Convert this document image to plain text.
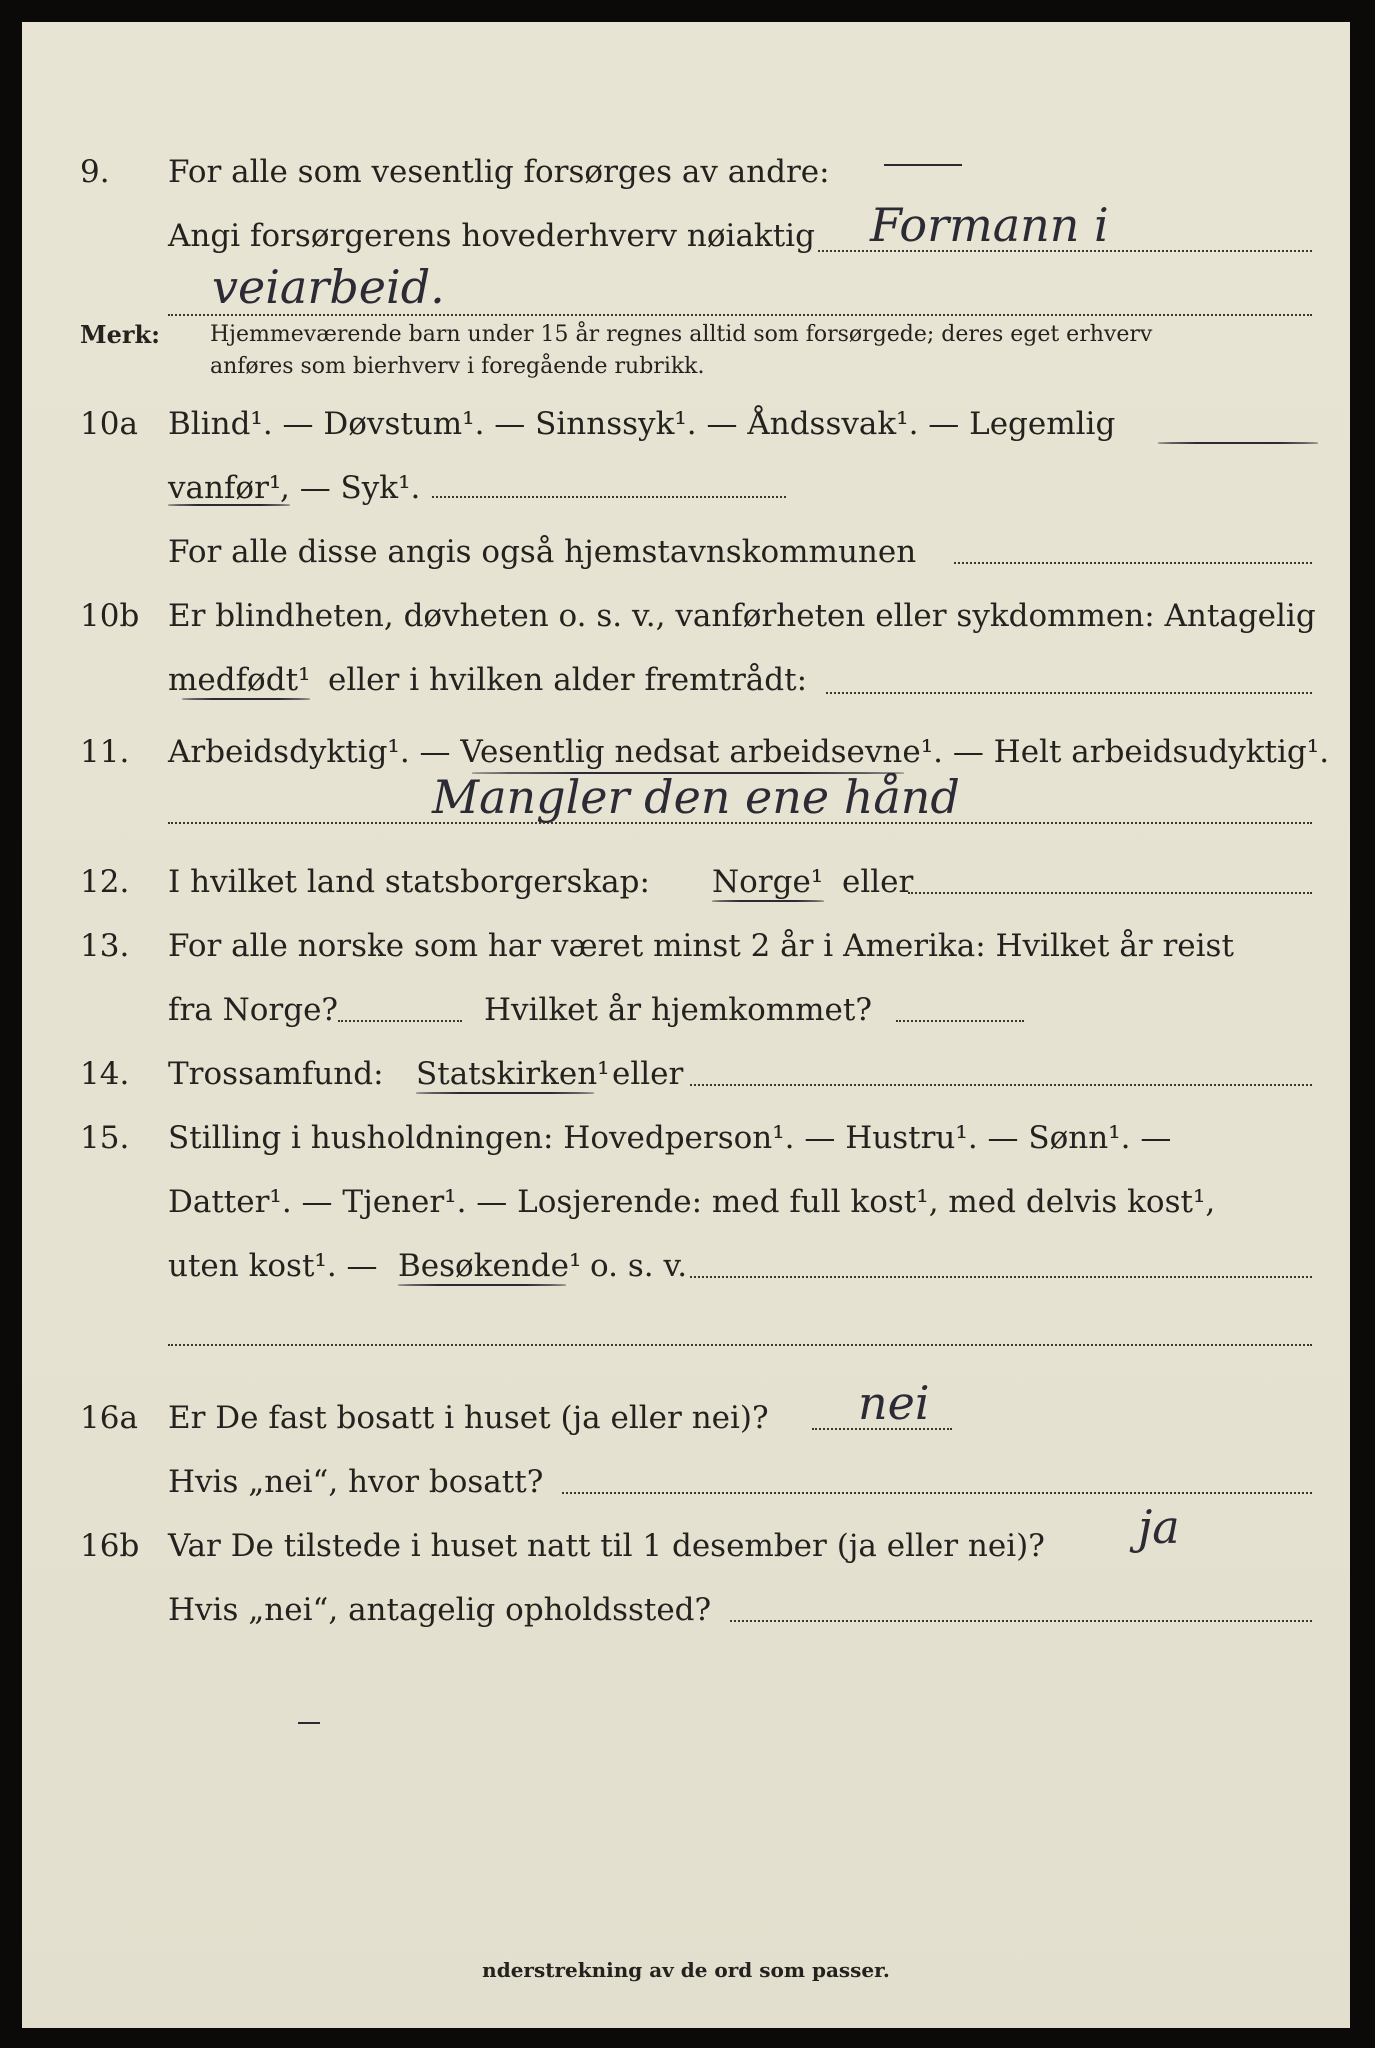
9. For alle som vesentlig forsørges av andre:
Angi forsørgerens hovederhverv nøiaktig Formann i
veiarbeid.
Merk: Hjemmeværende barn under 15 år regnes alltid som forsørgede; deres eget erhverv
anføres som bierhverv i foregående rubrikk.
10a Blind¹. — Døvstum¹. — Sinnssyk¹. — Åndssvak¹. — Legemlig
vanfør¹
, — Syk¹.
For alle disse angis også hjemstavnskommunen
10b Er blindheten, døvheten o. s. v., vanførheten eller sykdommen: Antagelig
medfødt¹ eller i hvilken alder fremtrådt:
11. Arbeidsdyktig¹. — Vesentlig nedsat arbeidsevne¹. — Helt arbeidsudyktig¹.
Mangler den ene hånd
12. I hvilket land statsborgerskap: Norge¹ eller
13. For alle norske som har været minst 2 år i Amerika: Hvilket år reist
fra Norge?	Hvilket år hjemkommet?
14. Trossamfund: Statskirken¹ eller
15. Stilling i husholdningen: Hovedperson¹. — Hustru¹. — Sønn¹. —
Datter¹. — Tjener¹. — Losjerende: med full kost¹, med delvis kost¹,
uten kost¹. — Besøkende¹ o. s. v.
16a Er De fast bosatt i huset (ja eller nei)? nei
Hvis „nei“, hvor bosatt?
16b Var De tilstede i huset natt til 1 desember (ja eller nei)? ja
Hvis „nei“, antagelig opholdssted?
nderstrekning av de ord som passer.
